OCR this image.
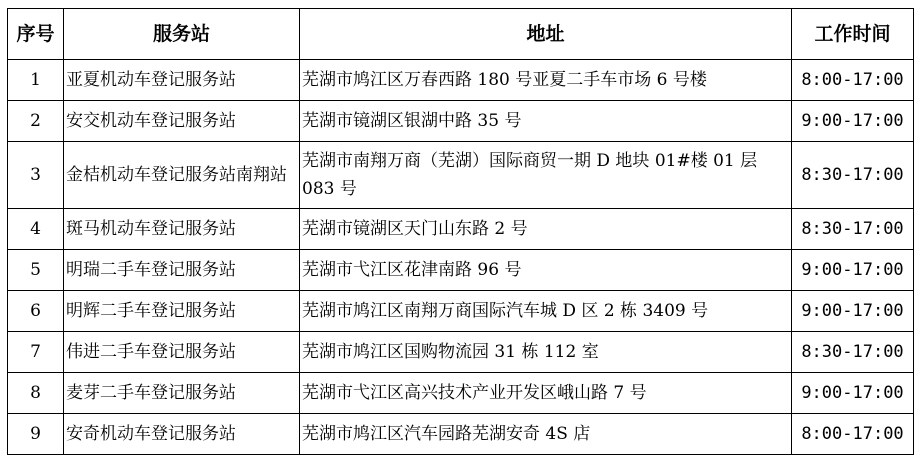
序号	服务站	地址	工作时间
1	亚夏机动车登记服务站	芜湖市鸠江区万春西路 180 号亚夏二手车市场 6 号楼	8:00-17:00
2	安交机动车登记服务站	芜湖市镜湖区银湖中路 35 号	9:00-17:00
3	金桔机动车登记服务站南翔站	芜湖市南翔万商（芜湖）国际商贸一期 D 地块 01#楼 01 层 083 号	8:30-17:00
4	斑马机动车登记服务站	芜湖市镜湖区天门山东路 2 号	8:30-17:00
5	明瑞二手车登记服务站	芜湖市弋江区花津南路 96 号	9:00-17:00
6	明辉二手车登记服务站	芜湖市鸠江区南翔万商国际汽车城 D 区 2 栋 3409 号	9:00-17:00
7	伟进二手车登记服务站	芜湖市鸠江区国购物流园 31 栋 112 室	8:30-17:00
8	麦芽二手车登记服务站	芜湖市弋江区高兴技术产业开发区峨山路 7 号	9:00-17:00
9	安奇机动车登记服务站	芜湖市鸠江区汽车园路芜湖安奇 4S 店	8:00-17:00
